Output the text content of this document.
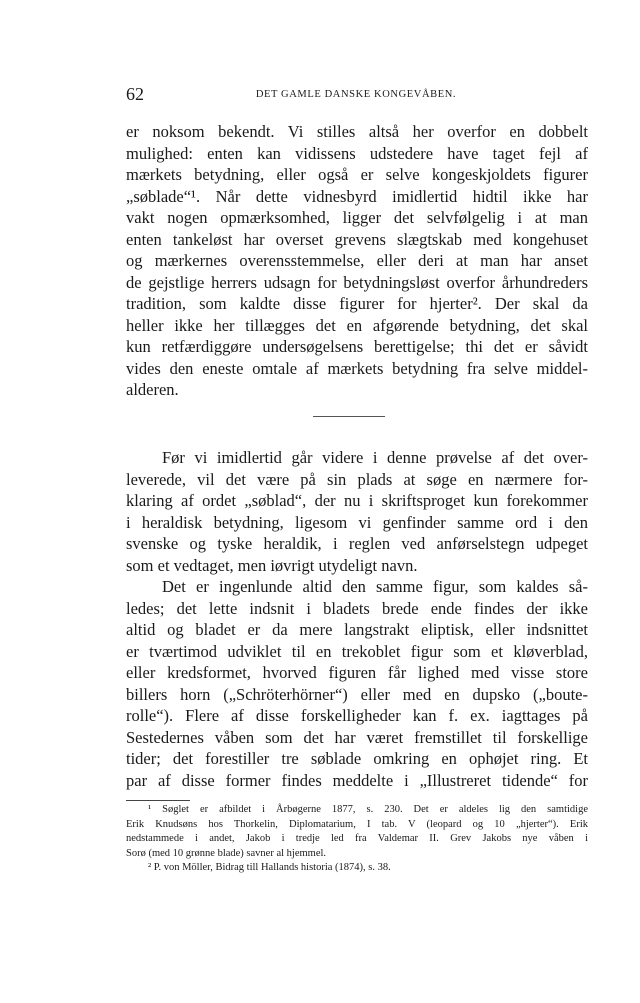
62	DET GAMLE DANSKE KONGEVÅBEN.
er noksom bekendt. Vi stilles altså her overfor en dobbelt
mulighed: enten kan vidissens udstedere have taget fejl af
mærkets betydning, eller også er selve kongeskjoldets figurer
„søblade“¹. Når dette vidnesbyrd imidlertid hidtil ikke har
vakt nogen opmærksomhed, ligger det selvfølgelig i at man
enten tankeløst har overset grevens slægtskab med kongehuset
og mærkernes overensstemmelse, eller deri at man har anset
de gejstlige herrers udsagn for betydningsløst overfor århundreders
tradition, som kaldte disse figurer for hjerter². Der skal da
heller ikke her tillægges det en afgørende betydning, det skal
kun retfærdiggøre undersøgelsens berettigelse; thi det er såvidt
vides den eneste omtale af mærkets betydning fra selve middel-
alderen.
Før vi imidlertid går videre i denne prøvelse af det over-
leverede, vil det være på sin plads at søge en nærmere for-
klaring af ordet „søblad“, der nu i skriftsproget kun forekommer
i heraldisk betydning, ligesom vi genfinder samme ord i den
svenske og tyske heraldik, i reglen ved anførselstegn udpeget
som et vedtaget, men iøvrigt utydeligt navn.
Det er ingenlunde altid den samme figur, som kaldes så-
ledes; det lette indsnit i bladets brede ende findes der ikke
altid og bladet er da mere langstrakt eliptisk, eller indsnittet
er tværtimod udviklet til en trekoblet figur som et kløverblad,
eller kredsformet, hvorved figuren får lighed med visse store
billers horn („Schröterhörner“) eller med en dupsko („boute-
rolle“). Flere af disse forskelligheder kan f. ex. iagttages på
Sestedernes våben som det har været fremstillet til forskellige
tider; det forestiller tre søblade omkring en ophøjet ring. Et
par af disse former findes meddelte i „Illustreret tidende“ for
¹ Søglet er afbildet i Årbøgerne 1877, s. 230. Det er aldeles lig den samtidige
Erik Knudsøns hos Thorkelin, Diplomatarium, I tab. V (leopard og 10 „hjerter“). Erik
nedstammede i andet, Jakob i tredje led fra Valdemar II. Grev Jakobs nye våben i
Sorø (med 10 grønne blade) savner al hjemmel.
² P. von Möller, Bidrag till Hallands historia (1874), s. 38.
